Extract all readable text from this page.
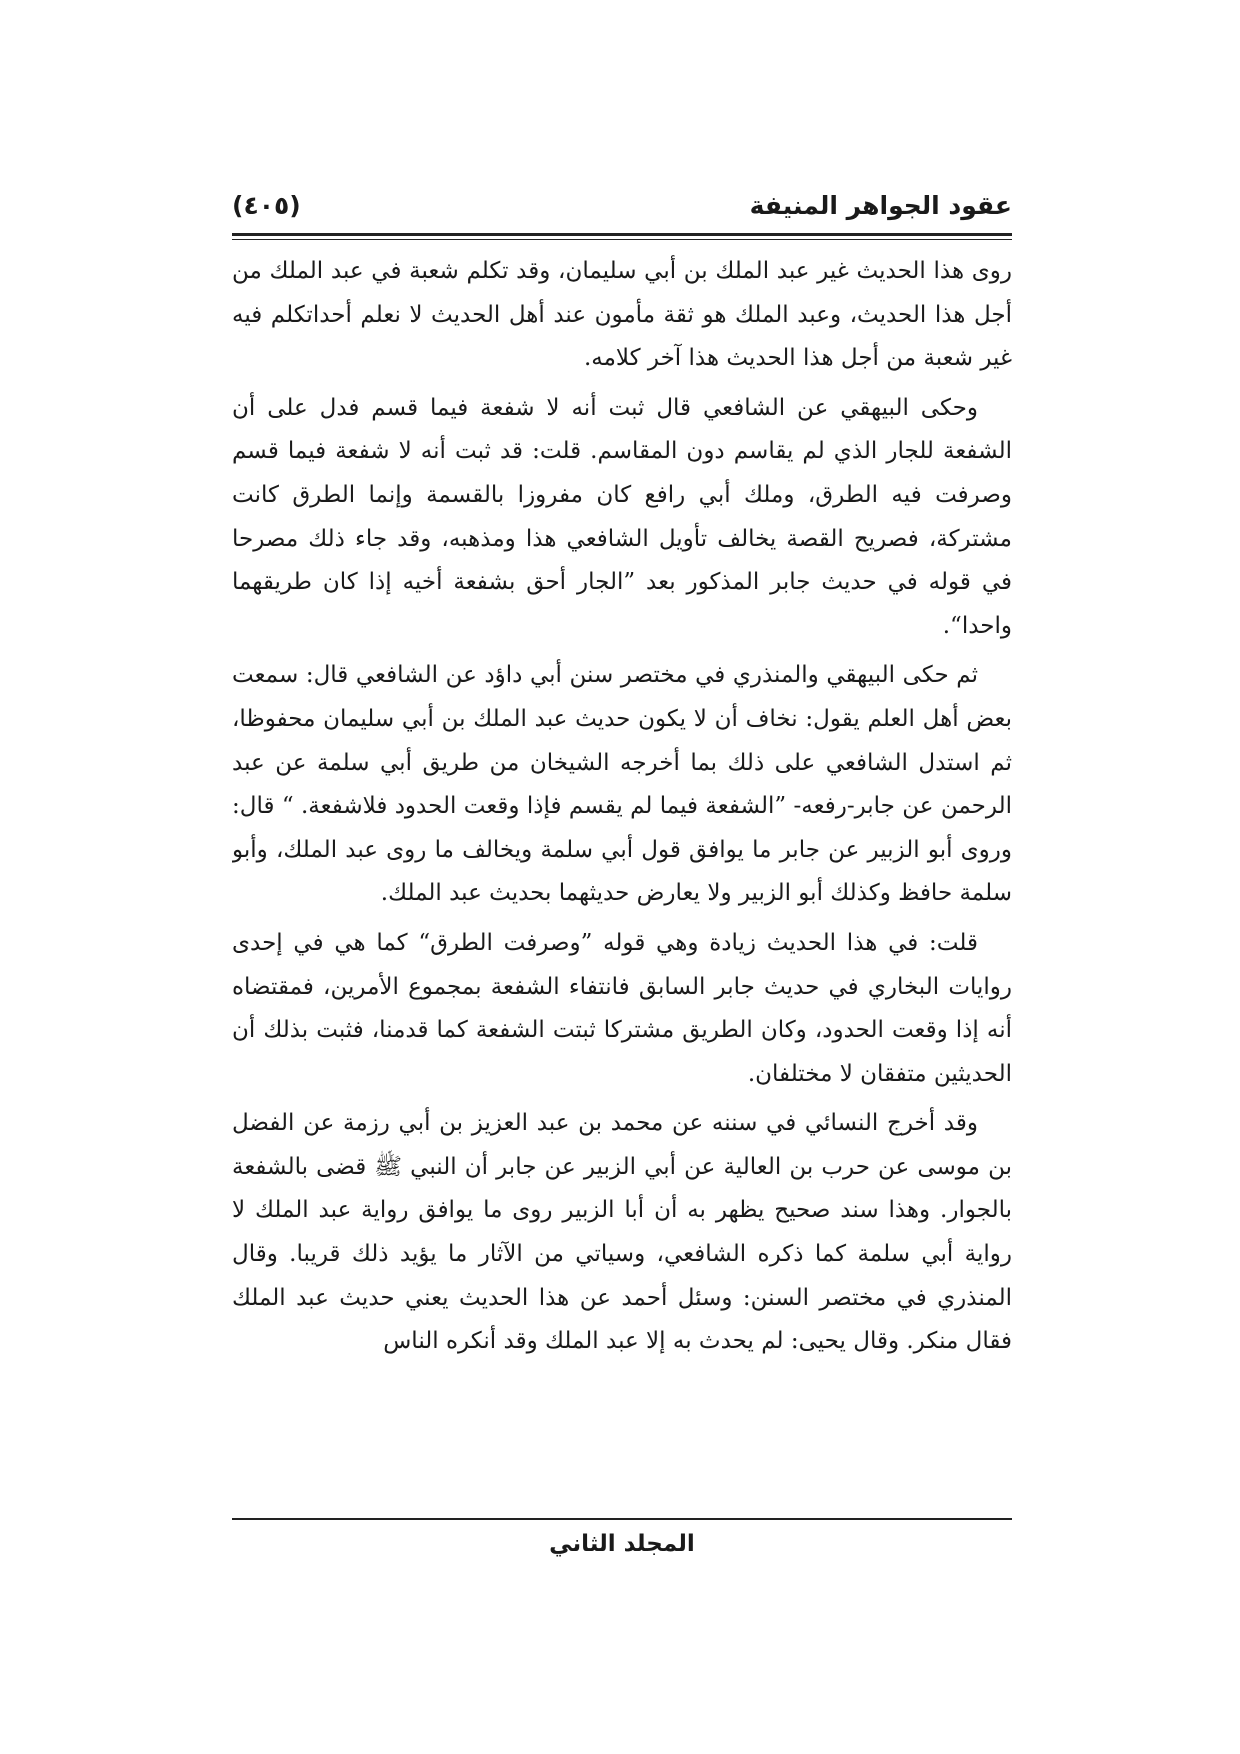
عقود الجواهر المنيفة
(٤٠٥)

روى هذا الحديث غير عبد الملك بن أبي سليمان، وقد تكلم شعبة في عبد الملك من أجل هذا الحديث، وعبد الملك هو ثقة مأمون عند أهل الحديث لا نعلم أحداتكلم فيه غير شعبة من أجل هذا الحديث هذا آخر كلامه.

وحكى البيهقي عن الشافعي قال ثبت أنه لا شفعة فيما قسم فدل على أن الشفعة للجار الذي لم يقاسم دون المقاسم. قلت: قد ثبت أنه لا شفعة فيما قسم وصرفت فيه الطرق، وملك أبي رافع كان مفروزا بالقسمة وإنما الطرق كانت مشتركة، فصريح القصة يخالف تأويل الشافعي هذا ومذهبه، وقد جاء ذلك مصرحا في قوله في حديث جابر المذكور بعد ”الجار أحق بشفعة أخيه إذا كان طريقهما واحدا“.

ثم حكى البيهقي والمنذري في مختصر سنن أبي داؤد عن الشافعي قال: سمعت بعض أهل العلم يقول: نخاف أن لا يكون حديث عبد الملك بن أبي سليمان محفوظا، ثم استدل الشافعي على ذلك بما أخرجه الشيخان من طريق أبي سلمة عن عبد الرحمن عن جابر-رفعه- ”الشفعة فيما لم يقسم فإذا وقعت الحدود فلاشفعة. “ قال: وروى أبو الزبير عن جابر ما يوافق قول أبي سلمة ويخالف ما روى عبد الملك، وأبو سلمة حافظ وكذلك أبو الزبير ولا يعارض حديثهما بحديث عبد الملك.

قلت: في هذا الحديث زيادة وهي قوله ”وصرفت الطرق“ كما هي في إحدى روايات البخاري في حديث جابر السابق فانتفاء الشفعة بمجموع الأمرين، فمقتضاه أنه إذا وقعت الحدود، وكان الطريق مشتركا ثبتت الشفعة كما قدمنا، فثبت بذلك أن الحديثين متفقان لا مختلفان.

وقد أخرج النسائي في سننه عن محمد بن عبد العزيز بن أبي رزمة عن الفضل بن موسى عن حرب بن العالية عن أبي الزبير عن جابر أن النبي ﷺ قضى بالشفعة بالجوار. وهذا سند صحيح يظهر به أن أبا الزبير روى ما يوافق رواية عبد الملك لا رواية أبي سلمة كما ذكره الشافعي، وسياتي من الآثار ما يؤيد ذلك قريبا. وقال المنذري في مختصر السنن: وسئل أحمد عن هذا الحديث يعني حديث عبد الملك فقال منكر. وقال يحيى: لم يحدث به إلا عبد الملك وقد أنكره الناس

المجلد الثاني
